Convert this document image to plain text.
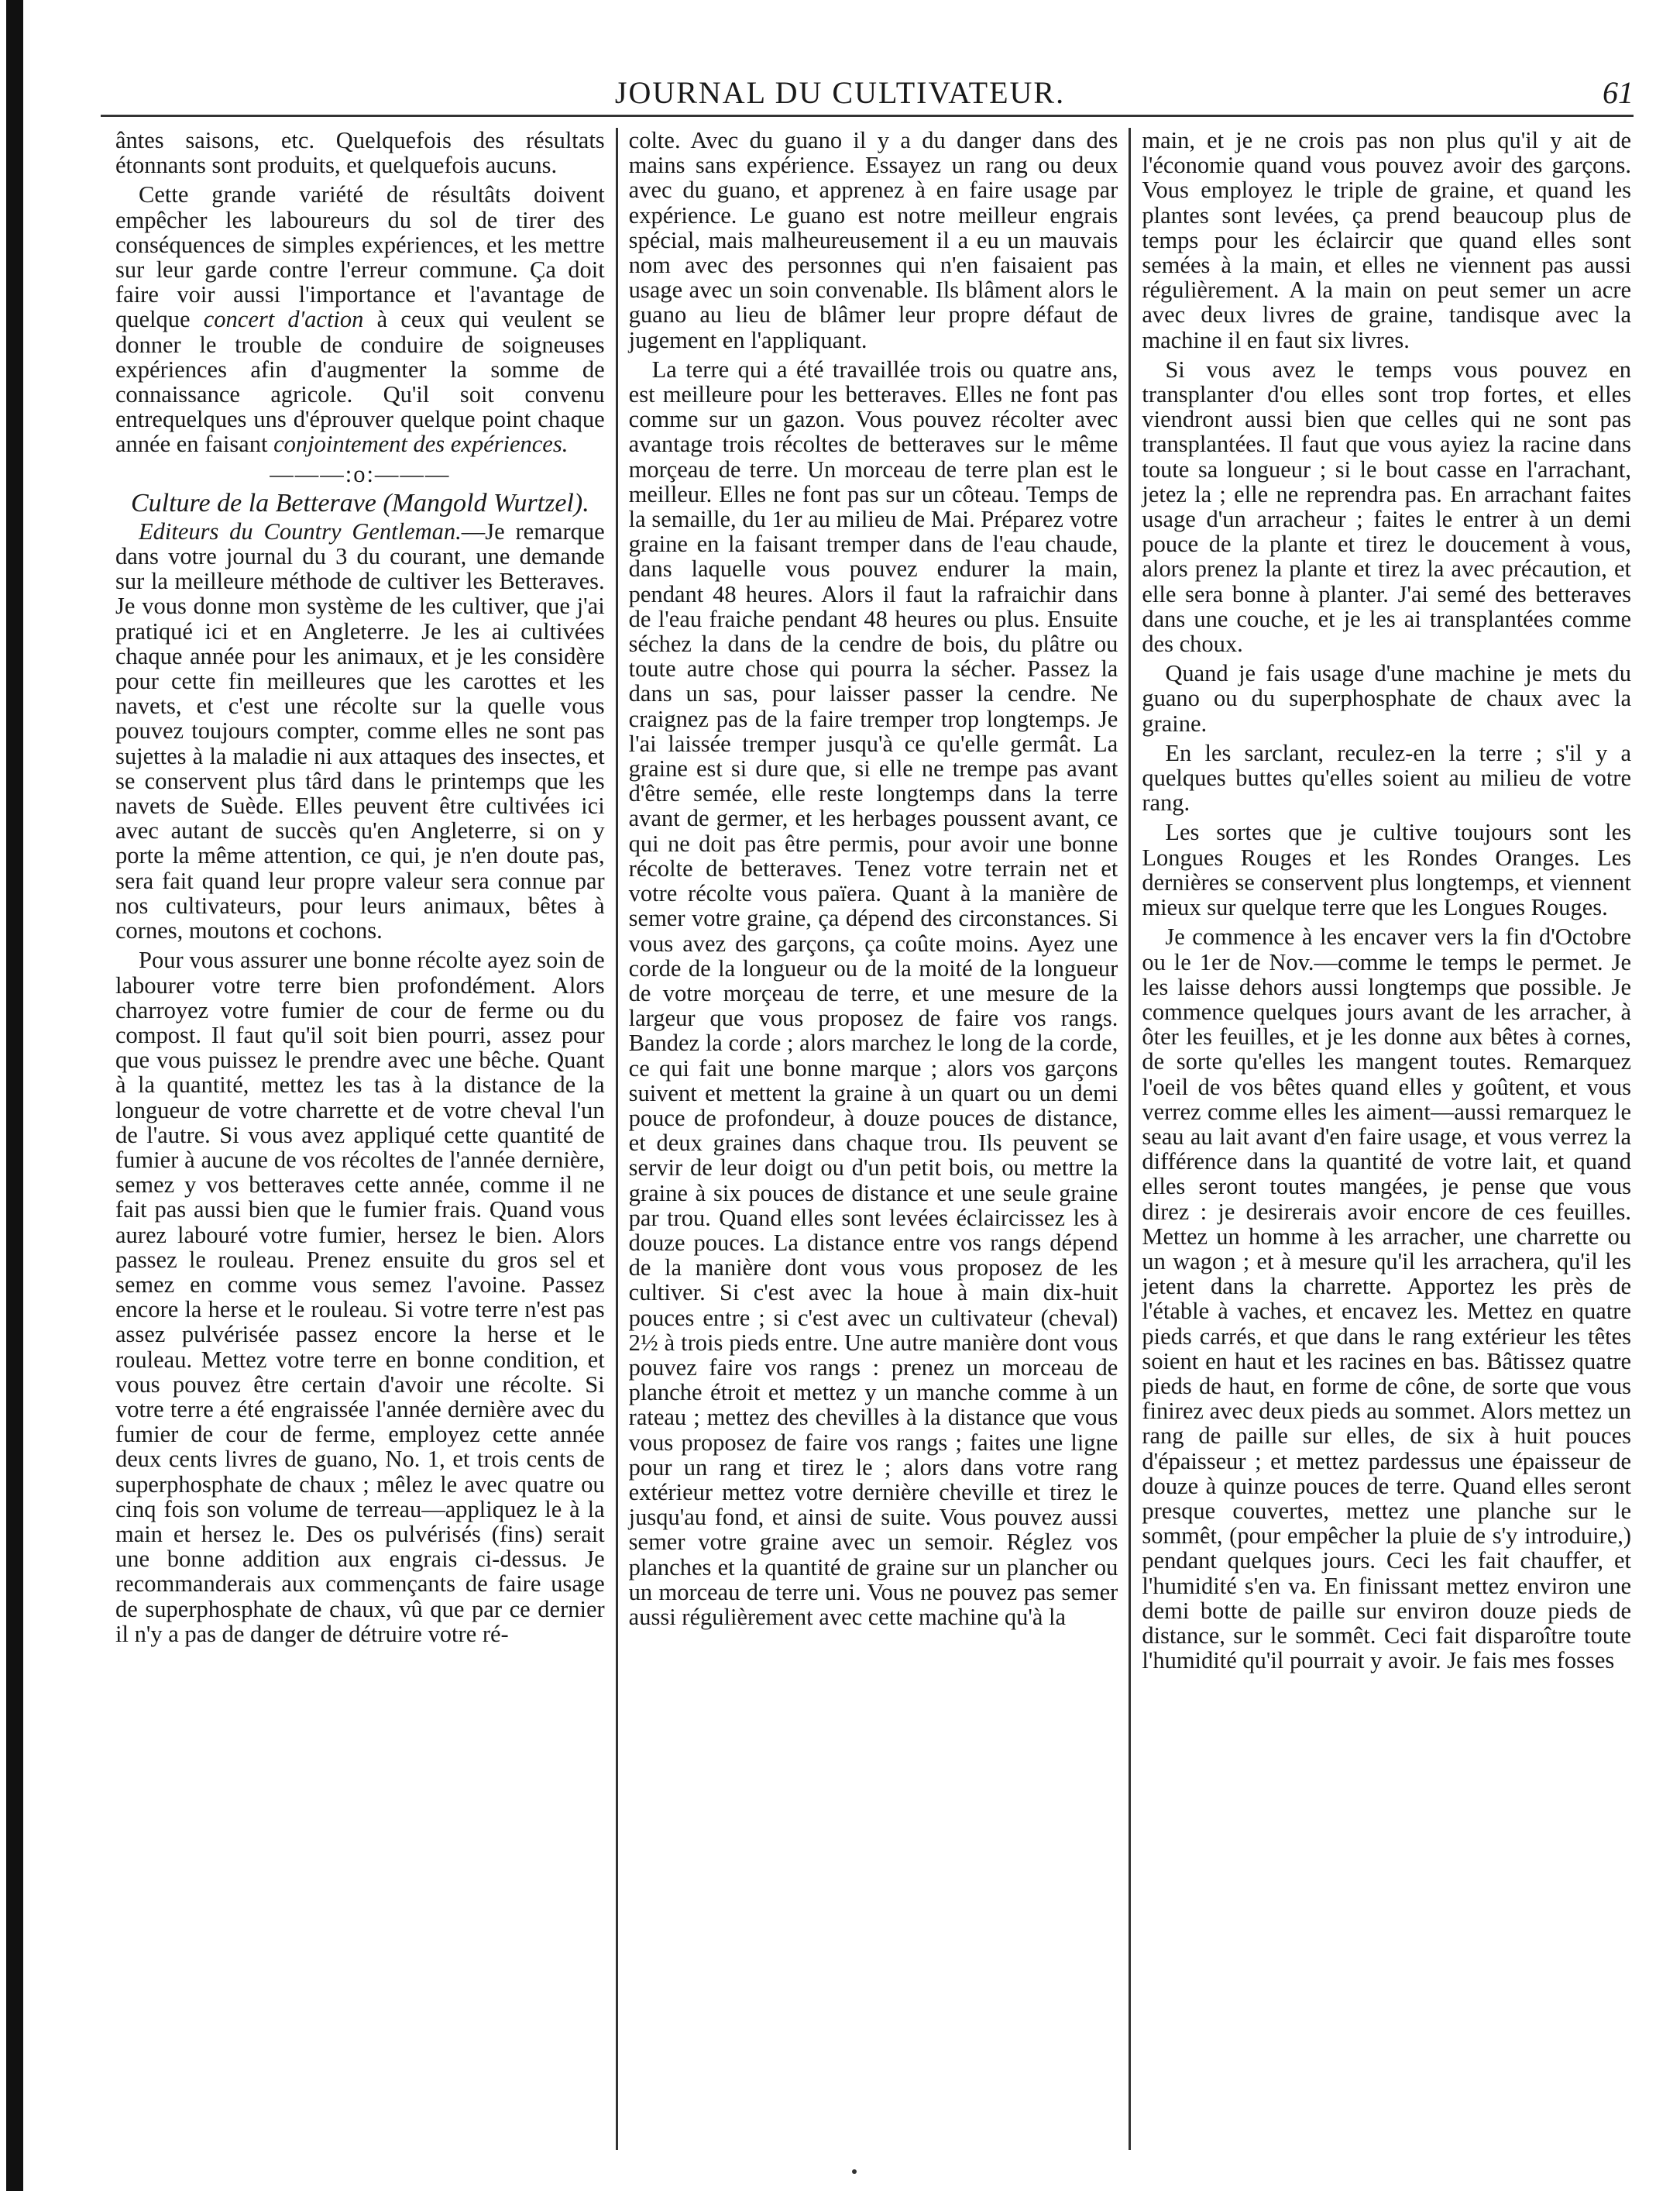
JOURNAL DU CULTIVATEUR.	61

ântes saisons, etc. Quelquefois des résultats étonnants sont produits, et quelquefois aucuns.

Cette grande variété de résultâts doivent empêcher les laboureurs du sol de tirer des conséquences de simples expériences, et les mettre sur leur garde contre l'erreur commune. Ça doit faire voir aussi l'importance et l'avantage de quelque concert d'action à ceux qui veulent se donner le trouble de conduire de soigneuses expériences afin d'augmenter la somme de connaissance agricole. Qu'il soit convenu entrequelques uns d'éprouver quelque point chaque année en faisant conjointement des expériences.

———:o:———
Culture de la Betterave (Mangold Wurtzel).

Editeurs du Country Gentleman.—Je remarque dans votre journal du 3 du courant, une demande sur la meilleure méthode de cultiver les Betteraves. Je vous donne mon système de les cultiver, que j'ai pratiqué ici et en Angleterre. Je les ai cultivées chaque année pour les animaux, et je les considère pour cette fin meilleures que les carottes et les navets, et c'est une récolte sur la quelle vous pouvez toujours compter, comme elles ne sont pas sujettes à la maladie ni aux attaques des insectes, et se conservent plus târd dans le printemps que les navets de Suède. Elles peuvent être cultivées ici avec autant de succès qu'en Angleterre, si on y porte la même attention, ce qui, je n'en doute pas, sera fait quand leur propre valeur sera connue par nos cultivateurs, pour leurs animaux, bêtes à cornes, moutons et cochons.

Pour vous assurer une bonne récolte ayez soin de labourer votre terre bien profondément. Alors charroyez votre fumier de cour de ferme ou du compost. Il faut qu'il soit bien pourri, assez pour que vous puissez le prendre avec une bêche. Quant à la quantité, mettez les tas à la distance de la longueur de votre charrette et de votre cheval l'un de l'autre. Si vous avez appliqué cette quantité de fumier à aucune de vos récoltes de l'année dernière, semez y vos betteraves cette année, comme il ne fait pas aussi bien que le fumier frais. Quand vous aurez labouré votre fumier, hersez le bien. Alors passez le rouleau. Prenez ensuite du gros sel et semez en comme vous semez l'avoine. Passez encore la herse et le rouleau. Si votre terre n'est pas assez pulvérisée passez encore la herse et le rouleau. Mettez votre terre en bonne condition, et vous pouvez être certain d'avoir une récolte. Si votre terre a été engraissée l'année dernière avec du fumier de cour de ferme, employez cette année deux cents livres de guano, No. 1, et trois cents de superphosphate de chaux ; mêlez le avec quatre ou cinq fois son volume de terreau—appliquez le à la main et hersez le. Des os pulvérisés (fins) serait une bonne addition aux engrais ci-dessus. Je recommanderais aux commençants de faire usage de superphosphate de chaux, vû que par ce dernier il n'y a pas de danger de détruire votre ré-

colte. Avec du guano il y a du danger dans des mains sans expérience. Essayez un rang ou deux avec du guano, et apprenez à en faire usage par expérience. Le guano est notre meilleur engrais spécial, mais malheureusement il a eu un mauvais nom avec des personnes qui n'en faisaient pas usage avec un soin convenable. Ils blâment alors le guano au lieu de blâmer leur propre défaut de jugement en l'appliquant.

La terre qui a été travaillée trois ou quatre ans, est meilleure pour les betteraves. Elles ne font pas comme sur un gazon. Vous pouvez récolter avec avantage trois récoltes de betteraves sur le même morçeau de terre. Un morceau de terre plan est le meilleur. Elles ne font pas sur un côteau. Temps de la semaille, du 1er au milieu de Mai. Préparez votre graine en la faisant tremper dans de l'eau chaude, dans laquelle vous pouvez endurer la main, pendant 48 heures. Alors il faut la rafraichir dans de l'eau fraiche pendant 48 heures ou plus. Ensuite séchez la dans de la cendre de bois, du plâtre ou toute autre chose qui pourra la sécher. Passez la dans un sas, pour laisser passer la cendre. Ne craignez pas de la faire tremper trop longtemps. Je l'ai laissée tremper jusqu'à ce qu'elle germât. La graine est si dure que, si elle ne trempe pas avant d'être semée, elle reste longtemps dans la terre avant de germer, et les herbages poussent avant, ce qui ne doit pas être permis, pour avoir une bonne récolte de betteraves. Tenez votre terrain net et votre récolte vous païera. Quant à la manière de semer votre graine, ça dépend des circonstances. Si vous avez des garçons, ça coûte moins. Ayez une corde de la longueur ou de la moité de la longueur de votre morçeau de terre, et une mesure de la largeur que vous proposez de faire vos rangs. Bandez la corde ; alors marchez le long de la corde, ce qui fait une bonne marque ; alors vos garçons suivent et mettent la graine à un quart ou un demi pouce de profondeur, à douze pouces de distance, et deux graines dans chaque trou. Ils peuvent se servir de leur doigt ou d'un petit bois, ou mettre la graine à six pouces de distance et une seule graine par trou. Quand elles sont levées éclaircissez les à douze pouces. La distance entre vos rangs dépend de la manière dont vous vous proposez de les cultiver. Si c'est avec la houe à main dix-huit pouces entre ; si c'est avec un cultivateur (cheval) 2½ à trois pieds entre. Une autre manière dont vous pouvez faire vos rangs : prenez un morceau de planche étroit et mettez y un manche comme à un rateau ; mettez des chevilles à la distance que vous vous proposez de faire vos rangs ; faites une ligne pour un rang et tirez le ; alors dans votre rang extérieur mettez votre dernière cheville et tirez le jusqu'au fond, et ainsi de suite. Vous pouvez aussi semer votre graine avec un semoir. Réglez vos planches et la quantité de graine sur un plancher ou un morceau de terre uni. Vous ne pouvez pas semer aussi régulièrement avec cette machine qu'à la

main, et je ne crois pas non plus qu'il y ait de l'économie quand vous pouvez avoir des garçons. Vous employez le triple de graine, et quand les plantes sont levées, ça prend beaucoup plus de temps pour les éclaircir que quand elles sont semées à la main, et elles ne viennent pas aussi régulièrement. A la main on peut semer un acre avec deux livres de graine, tandisque avec la machine il en faut six livres.

Si vous avez le temps vous pouvez en transplanter d'ou elles sont trop fortes, et elles viendront aussi bien que celles qui ne sont pas transplantées. Il faut que vous ayiez la racine dans toute sa longueur ; si le bout casse en l'arrachant, jetez la ; elle ne reprendra pas. En arrachant faites usage d'un arracheur ; faites le entrer à un demi pouce de la plante et tirez le doucement à vous, alors prenez la plante et tirez la avec précaution, et elle sera bonne à planter. J'ai semé des betteraves dans une couche, et je les ai transplantées comme des choux.

Quand je fais usage d'une machine je mets du guano ou du superphosphate de chaux avec la graine.

En les sarclant, reculez-en la terre ; s'il y a quelques buttes qu'elles soient au milieu de votre rang.

Les sortes que je cultive toujours sont les Longues Rouges et les Rondes Oranges. Les dernières se conservent plus longtemps, et viennent mieux sur quelque terre que les Longues Rouges.

Je commence à les encaver vers la fin d'Octobre ou le 1er de Nov.—comme le temps le permet. Je les laisse dehors aussi longtemps que possible. Je commence quelques jours avant de les arracher, à ôter les feuilles, et je les donne aux bêtes à cornes, de sorte qu'elles les mangent toutes. Remarquez l'oeil de vos bêtes quand elles y goûtent, et vous verrez comme elles les aiment—aussi remarquez le seau au lait avant d'en faire usage, et vous verrez la différence dans la quantité de votre lait, et quand elles seront toutes mangées, je pense que vous direz : je desirerais avoir encore de ces feuilles. Mettez un homme à les arracher, une charrette ou un wagon ; et à mesure qu'il les arrachera, qu'il les jetent dans la charrette. Apportez les près de l'étable à vaches, et encavez les. Mettez en quatre pieds carrés, et que dans le rang extérieur les têtes soient en haut et les racines en bas. Bâtissez quatre pieds de haut, en forme de cône, de sorte que vous finirez avec deux pieds au sommet. Alors mettez un rang de paille sur elles, de six à huit pouces d'épaisseur ; et mettez pardessus une épaisseur de douze à quinze pouces de terre. Quand elles seront presque couvertes, mettez une planche sur le sommêt, (pour empêcher la pluie de s'y introduire,) pendant quelques jours. Ceci les fait chauffer, et l'humidité s'en va. En finissant mettez environ une demi botte de paille sur environ douze pieds de distance, sur le sommêt. Ceci fait disparoître toute l'humidité qu'il pourrait y avoir. Je fais mes fosses
